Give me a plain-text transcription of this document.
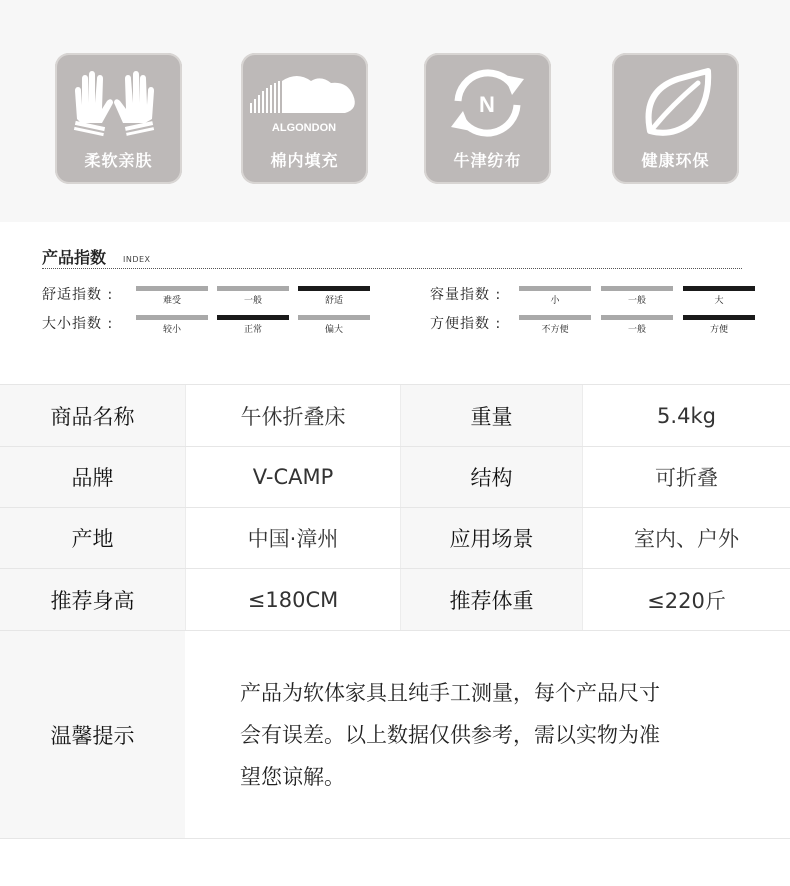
柔软亲肤
ALGONDON
棉内填充
N
牛津纺布	健康环保
产品指数 INDEX
舒适指数 :	难受	一般	舒适
大小指数 :	较小	正常	偏大
容量指数 :	小	一般	大
方便指数 :	不方便	一般	方便
商品名称	午休折叠床	重量	5.4kg
品牌	V-CAMP	结构	可折叠
产地	中国·漳州	应用场景	室内、户外
推荐身高	≤180CM	推荐体重	≤220斤
温馨提示
产品为软体家具且纯手工测量，每个产品尺寸
会有误差。以上数据仅供参考，需以实物为准
望您谅解。
